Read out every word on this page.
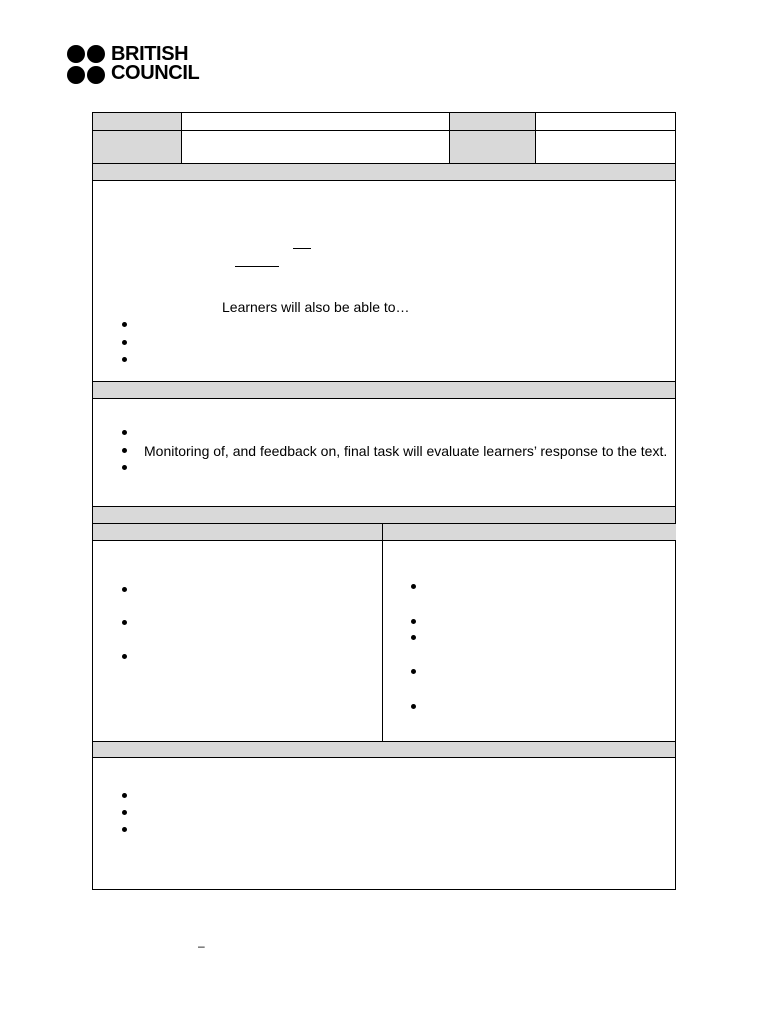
BRITISH
COUNCIL
Learners will also be able to…
Monitoring of, and feedback on, final task will evaluate learners’ response to the text.
–
